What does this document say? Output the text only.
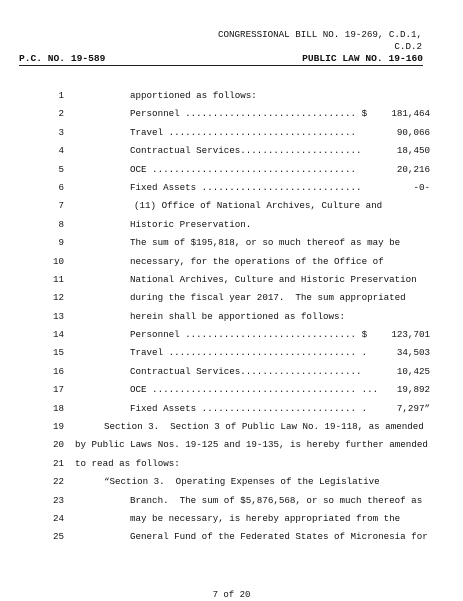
CONGRESSIONAL BILL NO. 19-269, C.D.1,
C.D.2
P.C. NO. 19-589	PUBLIC LAW NO. 19-160
1	apportioned as follows:
2	Personnel ............................... $	181,464
3	Travel ..................................	90,066
4	Contractual Services......................	18,450
5	OCE .....................................	20,216
6	Fixed Assets .............................	-0-
7	(11) Office of National Archives, Culture and
8	Historic Preservation.
9	The sum of $195,818, or so much thereof as may be
10	necessary, for the operations of the Office of
11	National Archives, Culture and Historic Preservation
12	during the fiscal year 2017.  The sum appropriated
13	herein shall be apportioned as follows:
14	Personnel ............................... $	123,701
15	Travel .................................. .	34,503
16	Contractual Services......................	10,425
17	OCE ..................................... ... 19,892
18	Fixed Assets ............................ .	7,297”
19	Section 3.  Section 3 of Public Law No. 19-118, as amended
20 by Public Laws Nos. 19-125 and 19-135, is hereby further amended
21 to read as follows:
22	“Section 3.  Operating Expenses of the Legislative
23	Branch.  The sum of $5,876,568, or so much thereof as
24	may be necessary, is hereby appropriated from the
25	General Fund of the Federated States of Micronesia for
7 of 20
